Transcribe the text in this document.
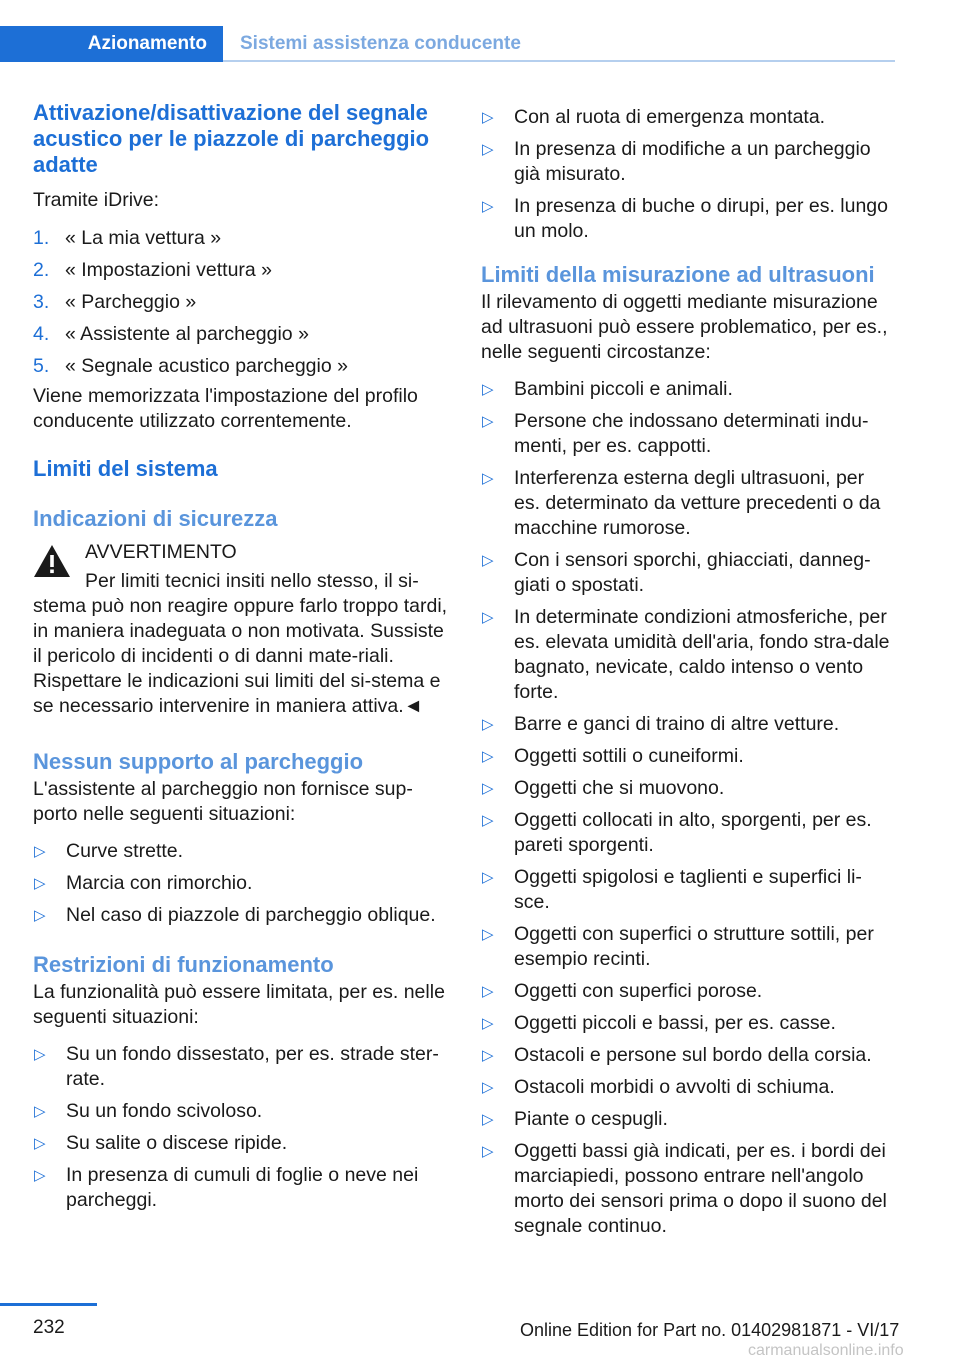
Azionamento	Sistemi assistenza conducente
Attivazione/disattivazione del segnale acustico per le piazzole di parcheggio adatte

Tramite iDrive:

1. « La mia vettura »
2. « Impostazioni vettura »
3. « Parcheggio »
4. « Assistente al parcheggio »
5. « Segnale acustico parcheggio »

Viene memorizzata l'impostazione del profilo conducente utilizzato correntemente.

Limiti del sistema
Indicazioni di sicurezza
AVVERTIMENTO
Per limiti tecnici insiti nello stesso, il si-
stema può non reagire oppure farlo troppo tardi, in maniera inadeguata o non motivata. Sussiste il pericolo di incidenti o di danni mate-riali. Rispettare le indicazioni sui limiti del si-stema e se necessario intervenire in maniera attiva.◄
Nessun supporto al parcheggio

L'assistente al parcheggio non fornisce sup-porto nelle seguenti situazioni:

▷ Curve strette.
▷ Marcia con rimorchio.
▷ Nel caso di piazzole di parcheggio oblique.
Restrizioni di funzionamento

La funzionalità può essere limitata, per es. nelle seguenti situazioni:

▷ Su un fondo dissestato, per es. strade ster-rate.
▷ Su un fondo scivoloso.
▷ Su salite o discese ripide.
▷ In presenza di cumuli di foglie o neve nei parcheggi.
▷ Con al ruota di emergenza montata.
▷ In presenza di modifiche a un parcheggio già misurato.
▷ In presenza di buche o dirupi, per es. lungo un molo.
Limiti della misurazione ad ultrasuoni

Il rilevamento di oggetti mediante misurazione ad ultrasuoni può essere problematico, per es., nelle seguenti circostanze:

▷ Bambini piccoli e animali.
▷ Persone che indossano determinati indu-menti, per es. cappotti.
▷ Interferenza esterna degli ultrasuoni, per es. determinato da vetture precedenti o da macchine rumorose.
▷ Con i sensori sporchi, ghiacciati, danneg-giati o spostati.
▷ In determinate condizioni atmosferiche, per es. elevata umidità dell'aria, fondo stra-dale bagnato, nevicate, caldo intenso o vento forte.
▷ Barre e ganci di traino di altre vetture.
▷ Oggetti sottili o cuneiformi.
▷ Oggetti che si muovono.
▷ Oggetti collocati in alto, sporgenti, per es. pareti sporgenti.
▷ Oggetti spigolosi e taglienti e superfici li-sce.
▷ Oggetti con superfici o strutture sottili, per esempio recinti.
▷ Oggetti con superfici porose.
▷ Oggetti piccoli e bassi, per es. casse.
▷ Ostacoli e persone sul bordo della corsia.
▷ Ostacoli morbidi o avvolti di schiuma.
▷ Piante o cespugli.
▷ Oggetti bassi già indicati, per es. i bordi dei marciapiedi, possono entrare nell'angolo morto dei sensori prima o dopo il suono del segnale continuo.
232	Online Edition for Part no. 01402981871 - VI/17
carmanualsonline.info
